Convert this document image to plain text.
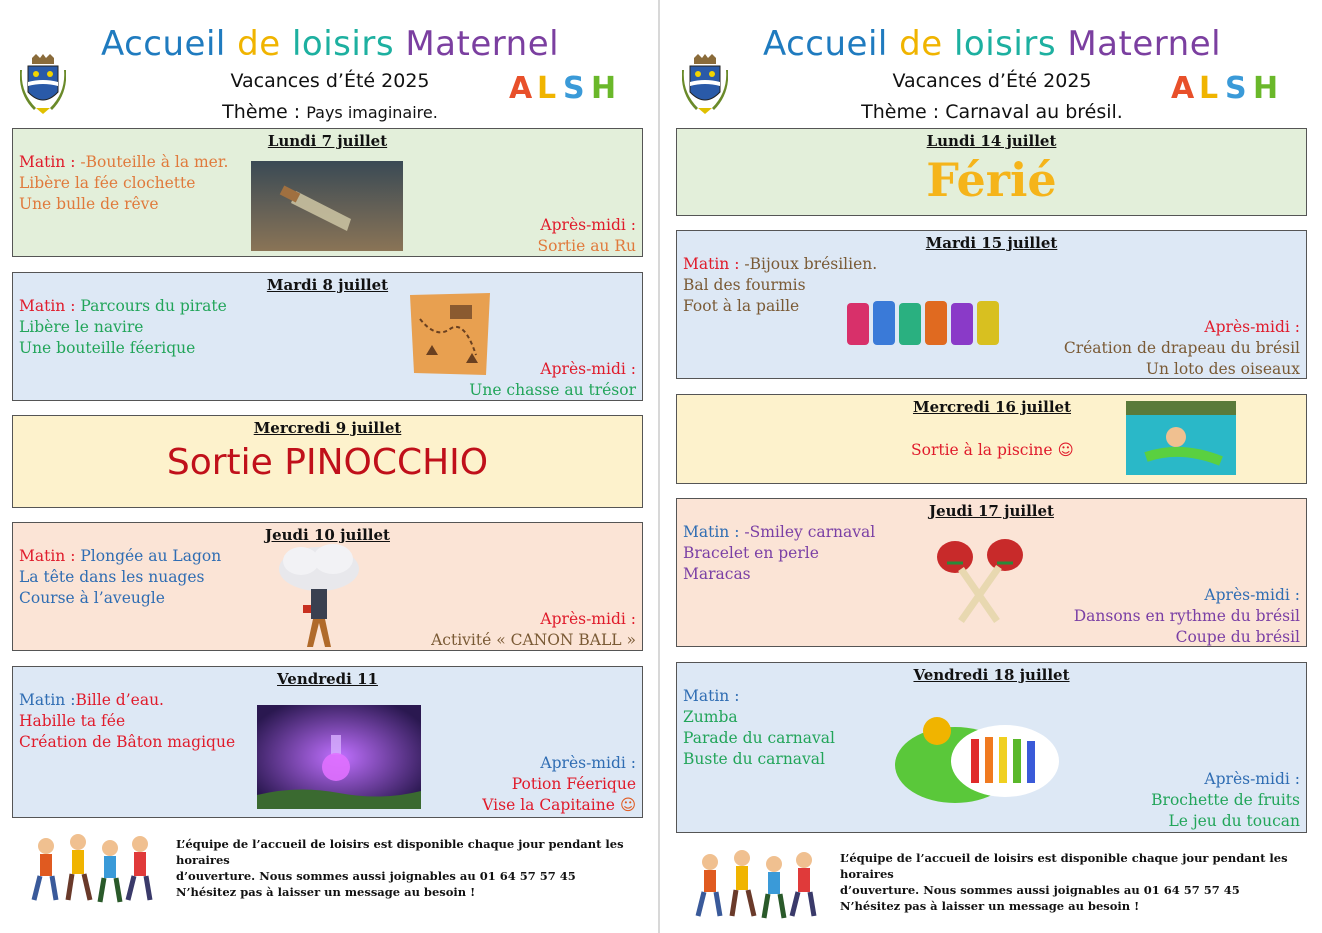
Accueil de loisirs Maternel
Vacances d’Été 2025	A L S H
Thème : Pays imaginaire.
Lundi 7 juillet
Matin : -Bouteille à la mer.
Libère la fée clochette
Une bulle de rêve
Après-midi :
Sortie au Ru
Mardi 8 juillet
Matin : Parcours du pirate
Libère le navire
Une bouteille féerique
Après-midi :
Une chasse au trésor
Mercredi 9 juillet
Sortie PINOCCHIO
Jeudi 10 juillet
Matin : Plongée au Lagon
La tête dans les nuages
Course à l’aveugle
Après-midi :
Activité « CANON BALL »
Vendredi 11
Matin :Bille d’eau.
Habille ta fée
Création de Bâton magique
Après-midi :
Potion Féerique
Vise la Capitaine ☺
L’équipe de l’accueil de loisirs est disponible chaque jour pendant les horaires
d’ouverture. Nous sommes aussi joignables au 01 64 57 57 45
N’hésitez pas à laisser un message au besoin !
Accueil de loisirs Maternel
Vacances d’Été 2025	A L S H
Thème : Carnaval au brésil.
Lundi 14 juillet
Férié
Mardi 15 juillet
Matin : -Bijoux brésilien.
Bal des fourmis
Foot à la paille
Après-midi :
Création de drapeau du brésil
Un loto des oiseaux
Mercredi 16 juillet
Sortie à la piscine ☺
Jeudi 17 juillet
Matin : -Smiley carnaval
Bracelet en perle
Maracas
Après-midi :
Dansons en rythme du brésil
Coupe du brésil
Vendredi 18 juillet
Matin :
Zumba
Parade du carnaval
Buste du carnaval
Après-midi :
Brochette de fruits
Le jeu du toucan
L’équipe de l’accueil de loisirs est disponible chaque jour pendant les horaires
d’ouverture. Nous sommes aussi joignables au 01 64 57 57 45
N’hésitez pas à laisser un message au besoin !
